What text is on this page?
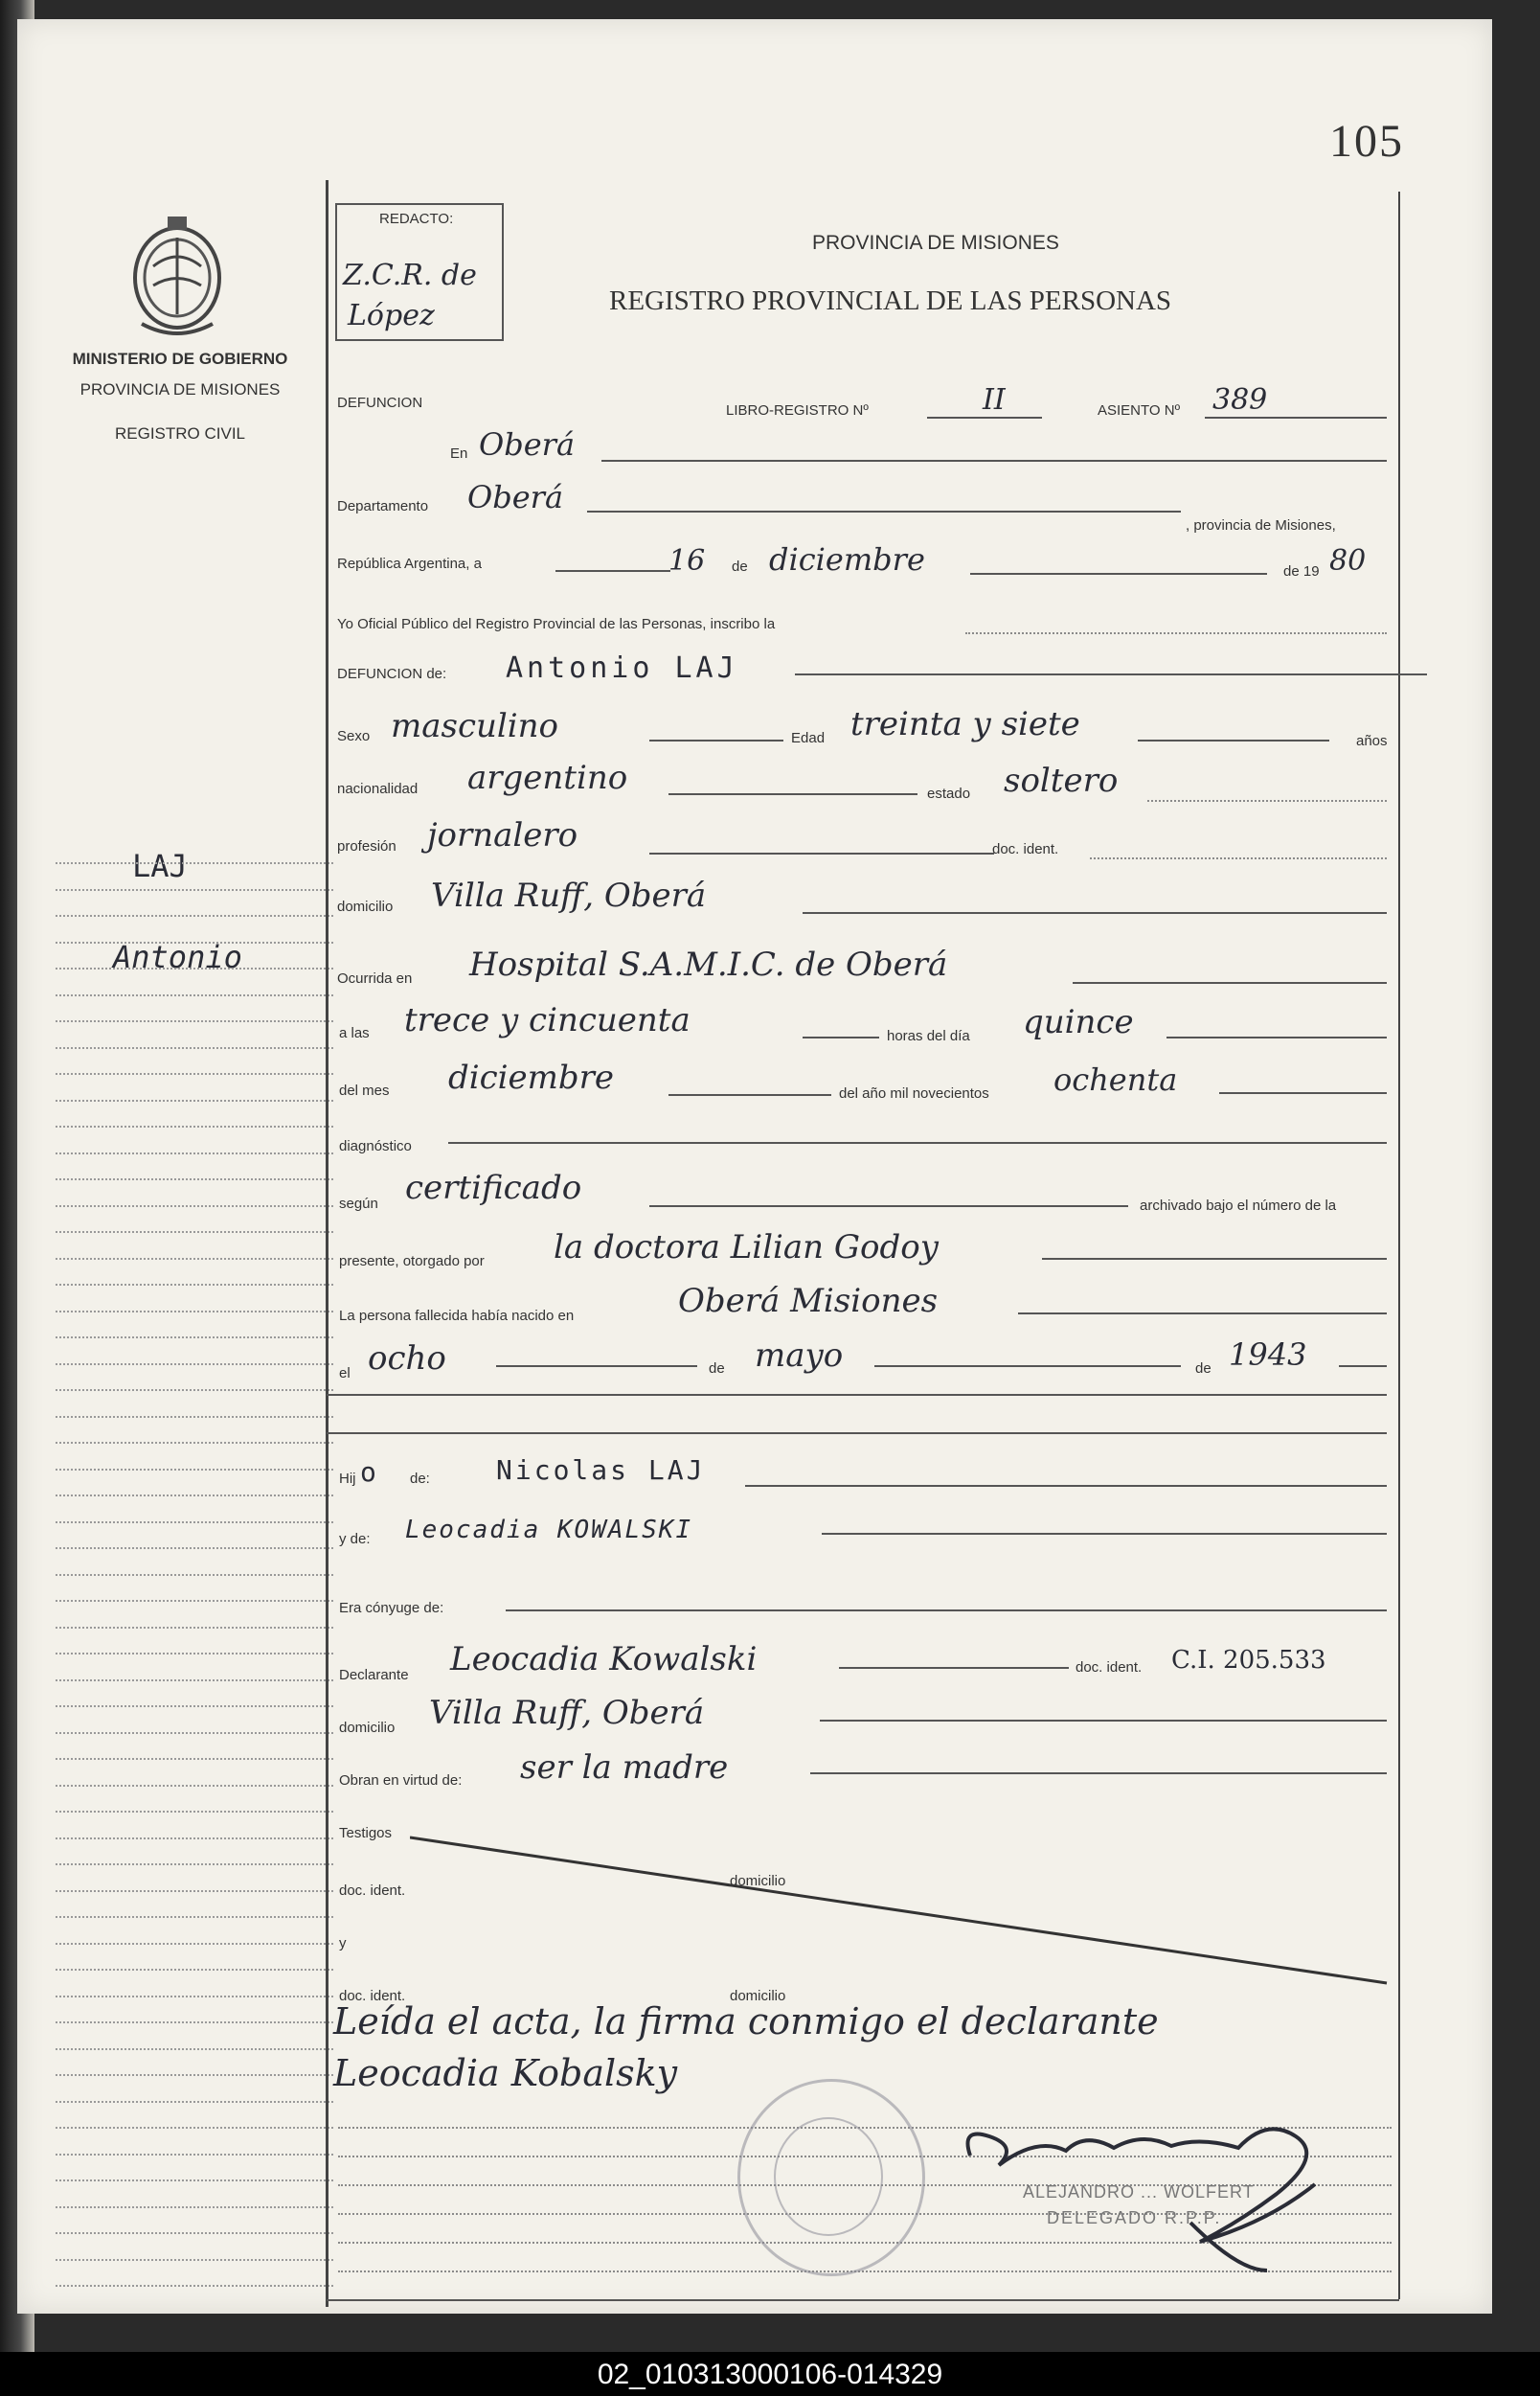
105
MINISTERIO DE GOBIERNO
PROVINCIA DE MISIONES
REGISTRO CIVIL
LAJ
Antonio
REDACTO:
Z.C.R. de
López
PROVINCIA DE MISIONES
REGISTRO PROVINCIAL DE LAS PERSONAS
DEFUNCION	LIBRO-REGISTRO Nº	II	ASIENTO Nº 389
En Oberá
Departamento Oberá
, provincia de Misiones,
República Argentina, a	16 de diciembre	de 19 80
Yo Oficial Público del Registro Provincial de las Personas, inscribo la
DEFUNCION de: Antonio LAJ
Sexo masculino	Edad treinta y siete	años
nacionalidad argentino	estado soltero
profesión jornalero	doc. ident.
domicilio Villa Ruff, Oberá
Ocurrida en Hospital S.A.M.I.C. de Oberá
a las trece y cincuenta	horas del día quince
del mes diciembre	del año mil novecientos ochenta
diagnóstico
según certificado	archivado bajo el número de la
presente, otorgado por la doctora Lilian Godoy
La persona fallecida había nacido en	Oberá Misiones
el ocho	de mayo	de 1943
Hij o de: Nicolas LAJ
y de: Leocadia KOWALSKI
Era cónyuge de:
Declarante Leocadia Kowalski	doc. ident. C.I. 205.533
domicilio Villa Ruff, Oberá
Obran en virtud de: ser la madre
Testigos
doc. ident.
domicilio
y
doc. ident.	domicilio
Leída el acta, la firma conmigo el declarante
Leocadia Kobalsky
ALEJANDRO ... WOLFERT
DELEGADO R.P.P.
02_010313000106-014329
